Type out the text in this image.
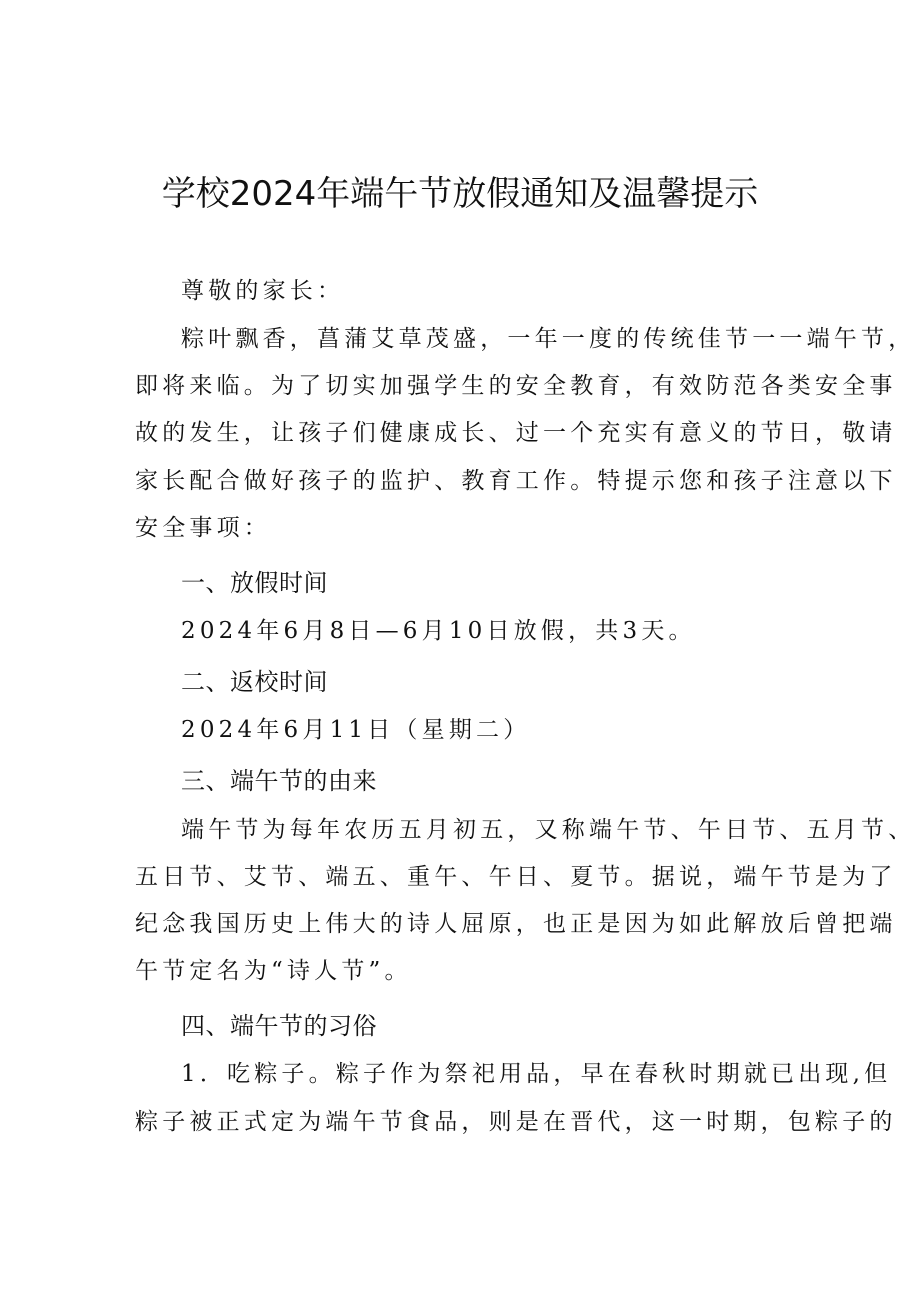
学校2024年端午节放假通知及温馨提示
尊敬的家长：
粽叶飘香，菖蒲艾草茂盛，一年一度的传统佳节一一端午节，
即将来临。为了切实加强学生的安全教育，有效防范各类安全事
故的发生，让孩子们健康成长、过一个充实有意义的节日，敬请
家长配合做好孩子的监护、教育工作。特提示您和孩子注意以下
安全事项：
一、放假时间
2024年6月8日—6月10日放假，共3天。
二、返校时间
2024年6月11日（星期二）
三、端午节的由来
端午节为每年农历五月初五，又称端午节、午日节、五月节、
五日节、艾节、端五、重午、午日、夏节。据说，端午节是为了
纪念我国历史上伟大的诗人屈原，也正是因为如此解放后曾把端
午节定名为“诗人节”。
四、端午节的习俗
1．吃粽子。粽子作为祭祀用品，早在春秋时期就已出现,但
粽子被正式定为端午节食品，则是在晋代，这一时期，包粽子的
